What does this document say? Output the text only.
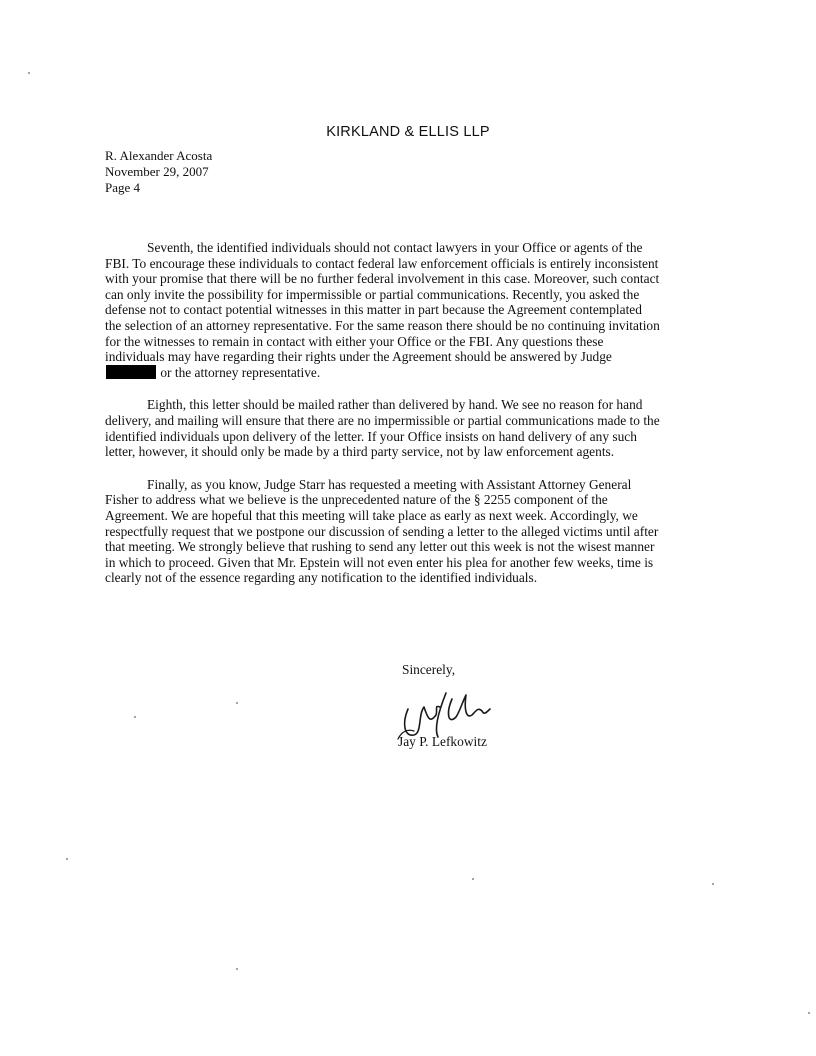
KIRKLAND & ELLIS LLP
R. Alexander Acosta
November 29, 2007
Page 4

Seventh, the identified individuals should not contact lawyers in your Office or agents of the FBI. To encourage these individuals to contact federal law enforcement officials is entirely inconsistent with your promise that there will be no further federal involvement in this case. Moreover, such contact can only invite the possibility for impermissible or partial communications. Recently, you asked the defense not to contact potential witnesses in this matter in part because the Agreement contemplated the selection of an attorney representative. For the same reason there should be no continuing invitation for the witnesses to remain in contact with either your Office or the FBI. Any questions these individuals may have regarding their rights under the Agreement should be answered by Judge or the attorney representative.

Eighth, this letter should be mailed rather than delivered by hand. We see no reason for hand delivery, and mailing will ensure that there are no impermissible or partial communications made to the identified individuals upon delivery of the letter. If your Office insists on hand delivery of any such letter, however, it should only be made by a third party service, not by law enforcement agents.

Finally, as you know, Judge Starr has requested a meeting with Assistant Attorney General Fisher to address what we believe is the unprecedented nature of the § 2255 component of the Agreement. We are hopeful that this meeting will take place as early as next week. Accordingly, we respectfully request that we postpone our discussion of sending a letter to the alleged victims until after that meeting. We strongly believe that rushing to send any letter out this week is not the wisest manner in which to proceed. Given that Mr. Epstein will not even enter his plea for another few weeks, time is clearly not of the essence regarding any notification to the identified individuals.

Sincerely,
Jay P. Lefkowitz
